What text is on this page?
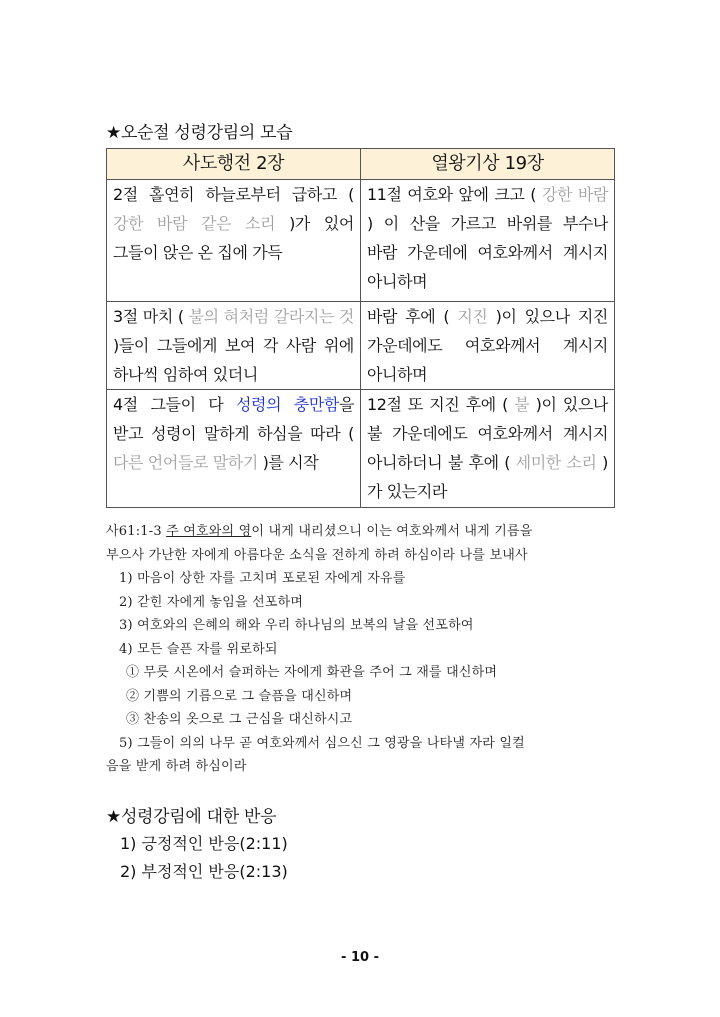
★오순절 성령강림의 모습
사도행전 2장	열왕기상 19장
2절 홀연히 하늘로부터 급하고 ( 강한 바람 같은 소리 )가 있어 그들이 앉은 온 집에 가득	11절 여호와 앞에 크고 ( 강한 바람 ) 이 산을 가르고 바위를 부수나 바람 가운데에 여호와께서 계시지 아니하며
3절 마치 ( 불의 혀처럼 갈라지는 것 )들이 그들에게 보여 각 사람 위에 하나씩 임하여 있더니	바람 후에 ( 지진 )이 있으나 지진 가운데에도 여호와께서 계시지 아니하며
4절 그들이 다 성령의 충만함을 받고 성령이 말하게 하심을 따라 ( 다른 언어들로 말하기 )를 시작	12절 또 지진 후에 ( 불 )이 있으나 불 가운데에도 여호와께서 계시지 아니하더니 불 후에 ( 세미한 소리 )가 있는지라
사61:1-3 주 여호와의 영이 내게 내리셨으니 이는 여호와께서 내게 기름을
부으사 가난한 자에게 아름다운 소식을 전하게 하려 하심이라 나를 보내사
1) 마음이 상한 자를 고치며 포로된 자에게 자유를
2) 갇힌 자에게 놓임을 선포하며
3) 여호와의 은혜의 해와 우리 하나님의 보복의 날을 선포하여
4) 모든 슬픈 자를 위로하되
① 무릇 시온에서 슬퍼하는 자에게 화관을 주어 그 재를 대신하며
② 기쁨의 기름으로 그 슬픔을 대신하며
③ 찬송의 옷으로 그 근심을 대신하시고
5) 그들이 의의 나무 곧 여호와께서 심으신 그 영광을 나타낼 자라 일컬
음을 받게 하려 하심이라
★성령강림에 대한 반응
1) 긍정적인 반응(2:11)
2) 부정적인 반응(2:13)
- 10 -
